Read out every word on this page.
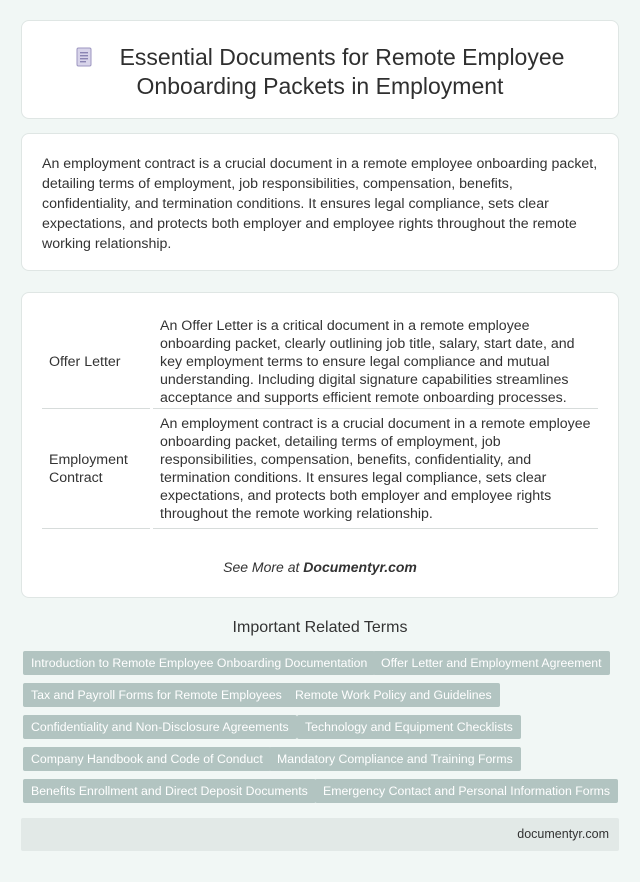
Essential Documents for Remote Employee
Onboarding Packets in Employment
An employment contract is a crucial document in a remote employee onboarding packet, detailing terms of employment, job responsibilities, compensation, benefits, confidentiality, and termination conditions. It ensures legal compliance, sets clear expectations, and protects both employer and employee rights throughout the remote working relationship.
Offer Letter		An Offer Letter is a critical document in a remote employee onboarding packet, clearly outlining job title, salary, start date, and key employment terms to ensure legal compliance and mutual understanding. Including digital signature capabilities streamlines acceptance and supports efficient remote onboarding processes.
Employment Contract		An employment contract is a crucial document in a remote employee onboarding packet, detailing terms of employment, job responsibilities, compensation, benefits, confidentiality, and termination conditions. It ensures legal compliance, sets clear expectations, and protects both employer and employee rights throughout the remote working relationship.
See More at Documentyr.com
Important Related Terms
Introduction to Remote Employee Onboarding Documentation	Offer Letter and Employment Agreement
Tax and Payroll Forms for Remote Employees	Remote Work Policy and Guidelines
Confidentiality and Non-Disclosure Agreements	Technology and Equipment Checklists
Company Handbook and Code of Conduct	Mandatory Compliance and Training Forms
Benefits Enrollment and Direct Deposit Documents	Emergency Contact and Personal Information Forms
documentyr.com
